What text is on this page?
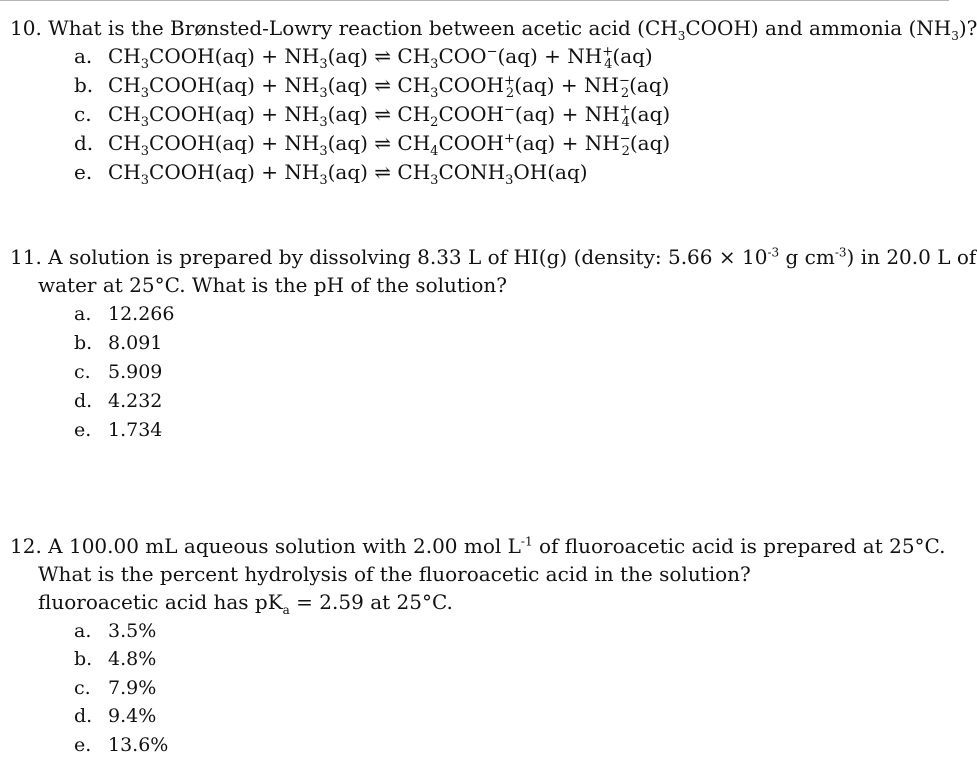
10. What is the Brønsted-Lowry reaction between acetic acid $(CH_3COOH)$ and ammonia $(NH_3)$?
a. $CH_3COOH(aq) + NH_3(aq)$ ⇌ $CH_3COO^-(aq) + NH^+_4(aq)$
b. $CH_3COOH(aq) + NH_3(aq)$ ⇌ $CH_3COOH^+_2(aq) + NH^-_2(aq)$
c. $CH_3COOH(aq) + NH_3(aq)$ ⇌ $CH_2COOH^-(aq) + NH^+_4(aq)$
d. $CH_3COOH(aq) + NH_3(aq)$ ⇌ $CH_4COOH^+(aq) + NH^-_2(aq)$
e. $CH_3COOH(aq) + NH_3(aq)$ ⇌ $CH_3CONH_3OH(aq)$
11. A solution is prepared by dissolving 8.33 L of HI(g) (density: $5.66 \times 10^{-3}$ g $cm^{-3}$) in 20.0 L of
water at 25°C. What is the pH of the solution?
a. 12.266
b. 8.091
c. 5.909
d. 4.232
e. 1.734
12. A 100.00 mL aqueous solution with 2.00 mol $L^{-1}$ of fluoroacetic acid is prepared at 25°C.
What is the percent hydrolysis of the fluoroacetic acid in the solution?
fluoroacetic acid has $pK_a = 2.59$ at 25°C.
a. 3.5%
b. 4.8%
c. 7.9%
d. 9.4%
e. 13.6%
